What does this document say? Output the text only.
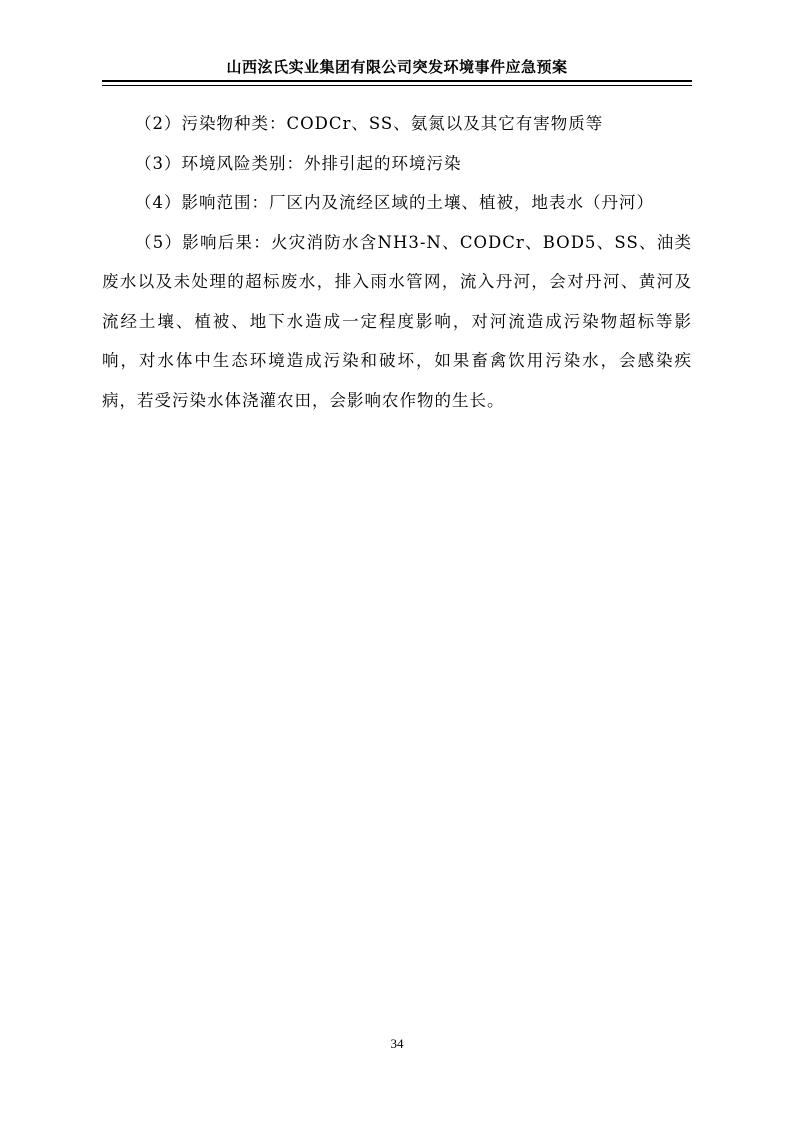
山西泫氏实业集团有限公司突发环境事件应急预案

（2）污染物种类：CODCr、SS、氨氮以及其它有害物质等

（3）环境风险类别：外排引起的环境污染

（4）影响范围：厂区内及流经区域的土壤、植被，地表水（丹河）

（5）影响后果：火灾消防水含NH3-N、CODCr、BOD5、SS、油类废水以及未处理的超标废水，排入雨水管网，流入丹河，会对丹河、黄河及流经土壤、植被、地下水造成一定程度影响，对河流造成污染物超标等影响，对水体中生态环境造成污染和破坏，如果畜禽饮用污染水，会感染疾病，若受污染水体浇灌农田，会影响农作物的生长。

34
